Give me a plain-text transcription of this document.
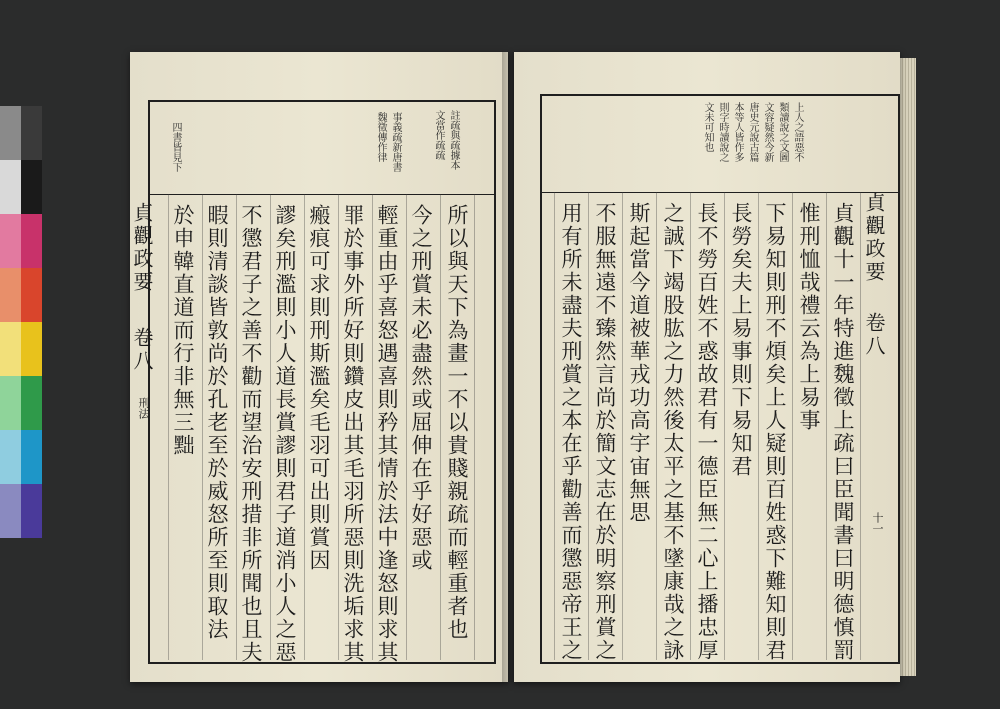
註疏與疏據本
文當作疏疏
事義疏新唐書
魏徵傳作律
四書皆見下
所以與天下為畫一不以貴賤親疏而輕重者也
今之刑賞未必盡然或屈伸在乎好惡或
輕重由乎喜怒遇喜則矜其情於法中逢怒則求其
罪於事外所好則鑽皮出其毛羽所惡則洗垢求其
瘢痕可求則刑斯濫矣毛羽可出則賞因
謬矣刑濫則小人道長賞謬則君子道消小人之惡
不懲君子之善不勸而望治安刑措非所聞也且夫
暇則清談皆敦尚於孔老至於威怒所至則取法
於申韓直道而行非無三黜
貞觀政要
卷八
刑法
上人之語惡不
類讀說之文圖
文容疑然今新
唐史元說古篇
本等人皆作多
則字時讀說之
文未可知也
貞觀政要
卷八
十一
貞觀十一年特進魏徵上疏曰臣聞書曰明德慎罰
惟刑恤哉禮云為上易事
下易知則刑不煩矣上人疑則百姓惑下難知則君
長勞矣夫上易事則下易知君
長不勞百姓不惑故君有一德臣無二心上播忠厚
之誠下竭股肱之力然後太平之基不墜康哉之詠
斯起當今道被華戎功高宇宙無思
不服無遠不臻然言尚於簡文志在於明察刑賞之
用有所未盡夫刑賞之本在乎勸善而懲惡帝王之
